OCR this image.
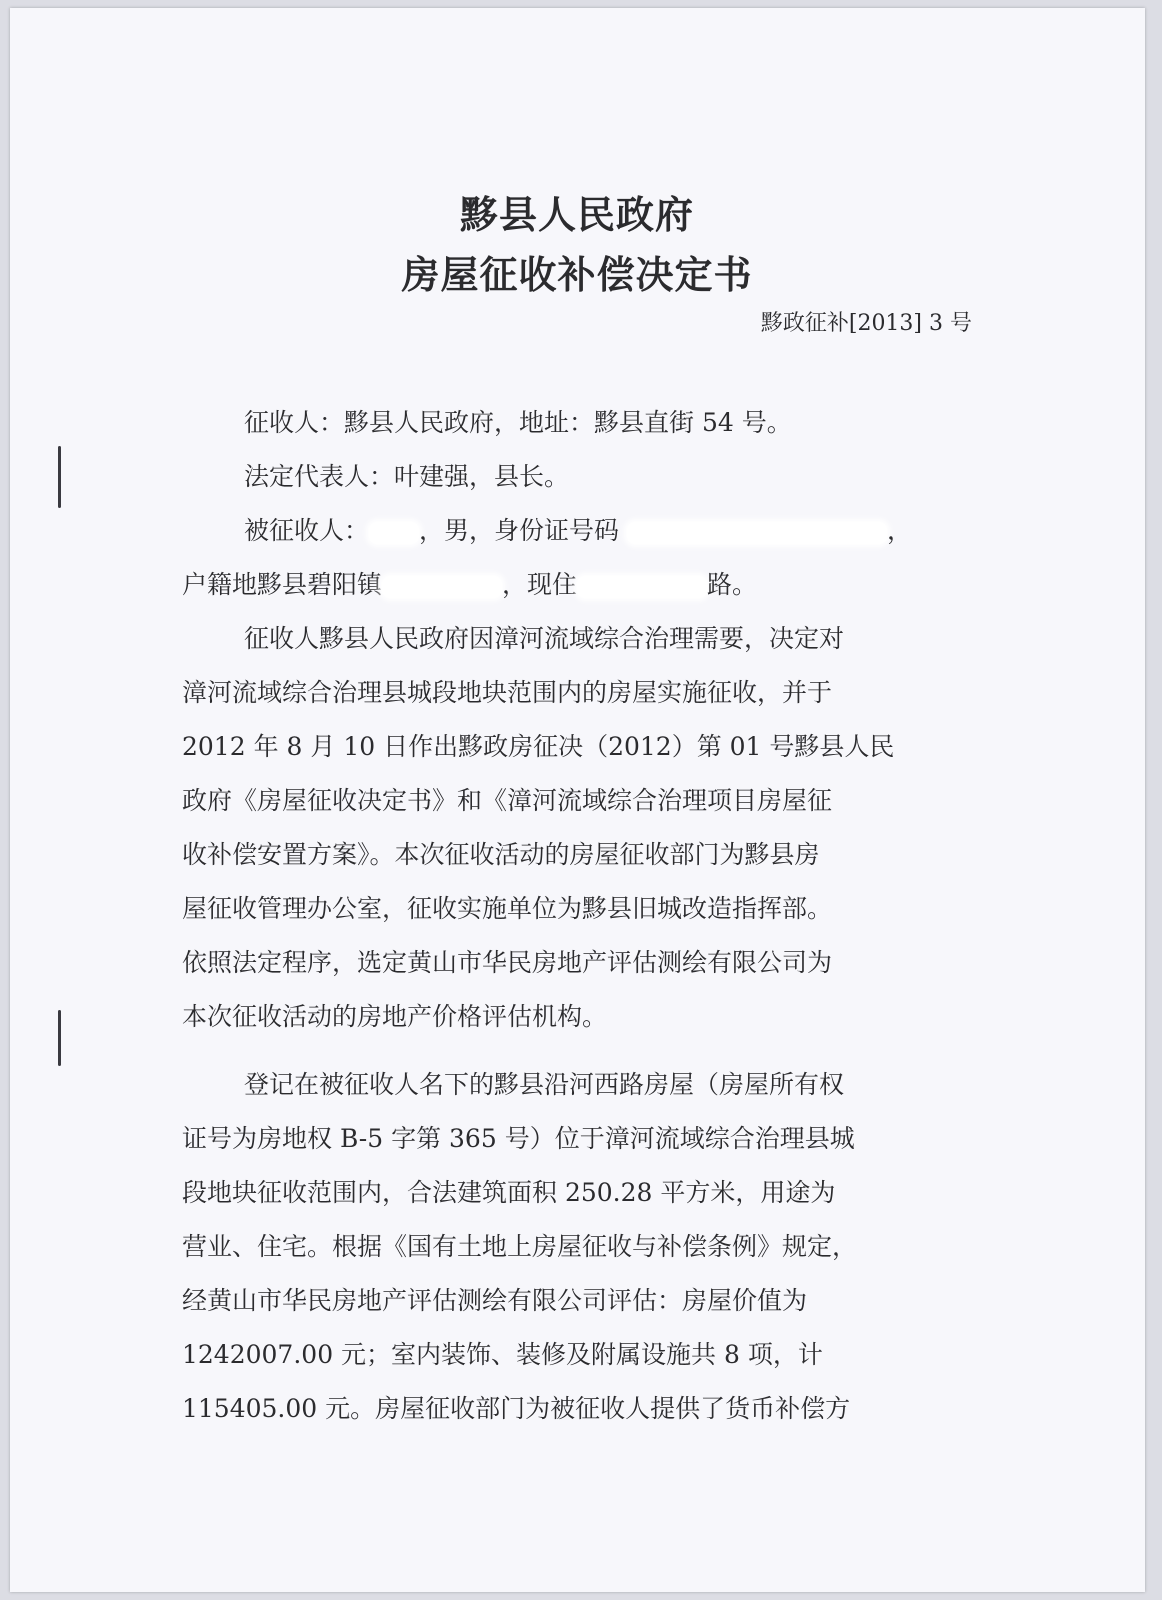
黟县人民政府
房屋征收补偿决定书
黟政征补[2013] 3 号

征收人：黟县人民政府，地址：黟县直街 54 号。

法定代表人：叶建强，县长。

被征收人： ，男，身份证号码	，

户籍地黟县碧阳镇	，现住	路。

征收人黟县人民政府因漳河流域综合治理需要，决定对

漳河流域综合治理县城段地块范围内的房屋实施征收，并于

2012 年 8 月 10 日作出黟政房征决（2012）第 01 号黟县人民

政府《房屋征收决定书》和《漳河流域综合治理项目房屋征

收补偿安置方案》。本次征收活动的房屋征收部门为黟县房

屋征收管理办公室，征收实施单位为黟县旧城改造指挥部。

依照法定程序，选定黄山市华民房地产评估测绘有限公司为

本次征收活动的房地产价格评估机构。

登记在被征收人名下的黟县沿河西路房屋（房屋所有权

证号为房地权 B-5 字第 365 号）位于漳河流域综合治理县城

段地块征收范围内，合法建筑面积 250.28 平方米，用途为

营业、住宅。根据《国有土地上房屋征收与补偿条例》规定，

经黄山市华民房地产评估测绘有限公司评估：房屋价值为

1242007.00 元；室内装饰、装修及附属设施共 8 项，计

115405.00 元。房屋征收部门为被征收人提供了货币补偿方
